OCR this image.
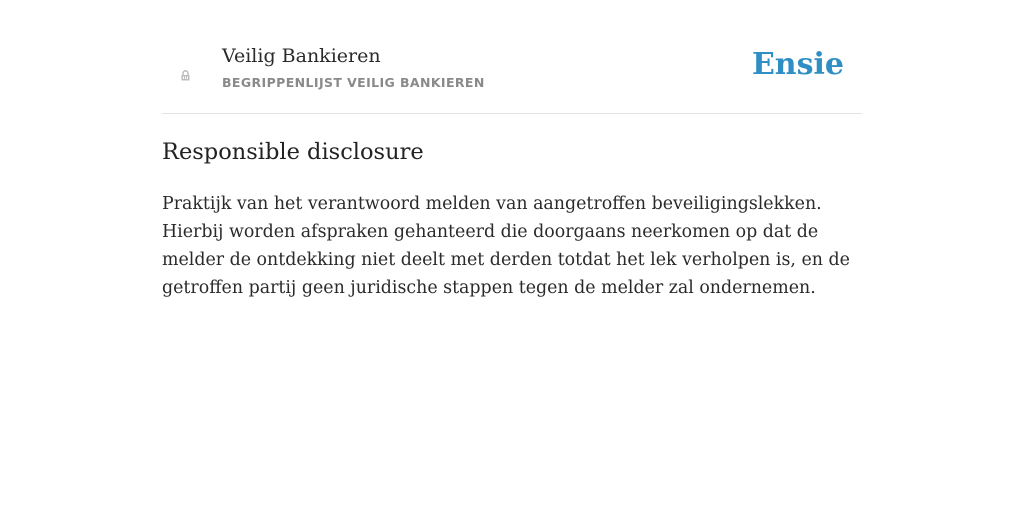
Veilig Bankieren
BEGRIPPENLIJST VEILIG BANKIEREN
Ensie
Responsible disclosure

Praktijk van het verantwoord melden van aangetroffen beveiligingslekken. Hierbij worden afspraken gehanteerd die doorgaans neerkomen op dat de melder de ontdekking niet deelt met derden totdat het lek verholpen is, en de getroffen partij geen juridische stappen tegen de melder zal ondernemen.
